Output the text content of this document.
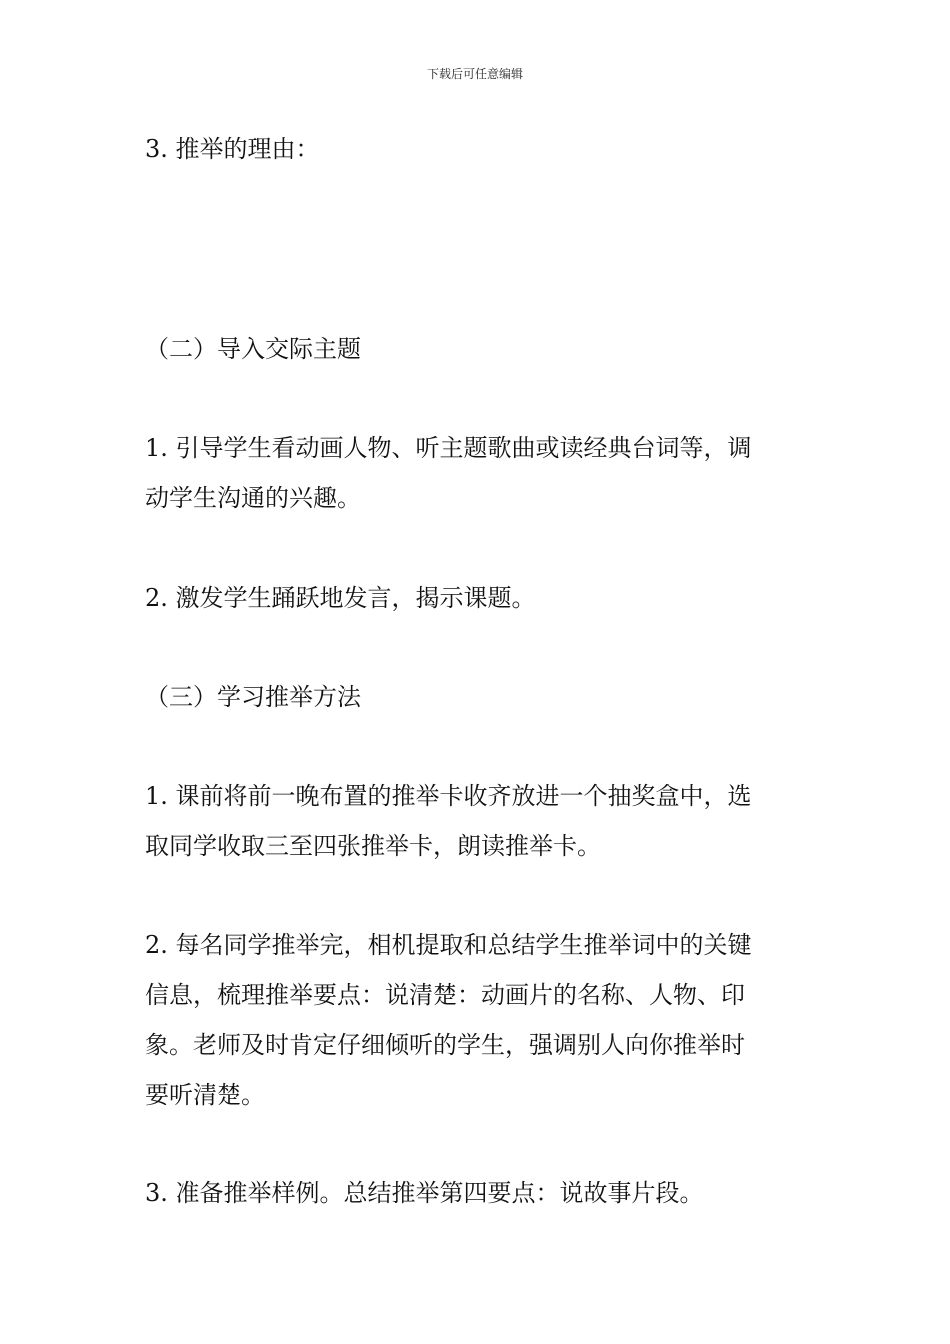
下载后可任意编辑

3. 推举的理由：

（二）导入交际主题

1. 引导学生看动画人物、听主题歌曲或读经典台词等，调
动学生沟通的兴趣。

2. 激发学生踊跃地发言，揭示课题。

（三）学习推举方法

1. 课前将前一晚布置的推举卡收齐放进一个抽奖盒中，选
取同学收取三至四张推举卡，朗读推举卡。

2. 每名同学推举完，相机提取和总结学生推举词中的关键
信息，梳理推举要点：说清楚：动画片的名称、人物、印
象。老师及时肯定仔细倾听的学生，强调别人向你推举时
要听清楚。

3. 准备推举样例。总结推举第四要点：说故事片段。
